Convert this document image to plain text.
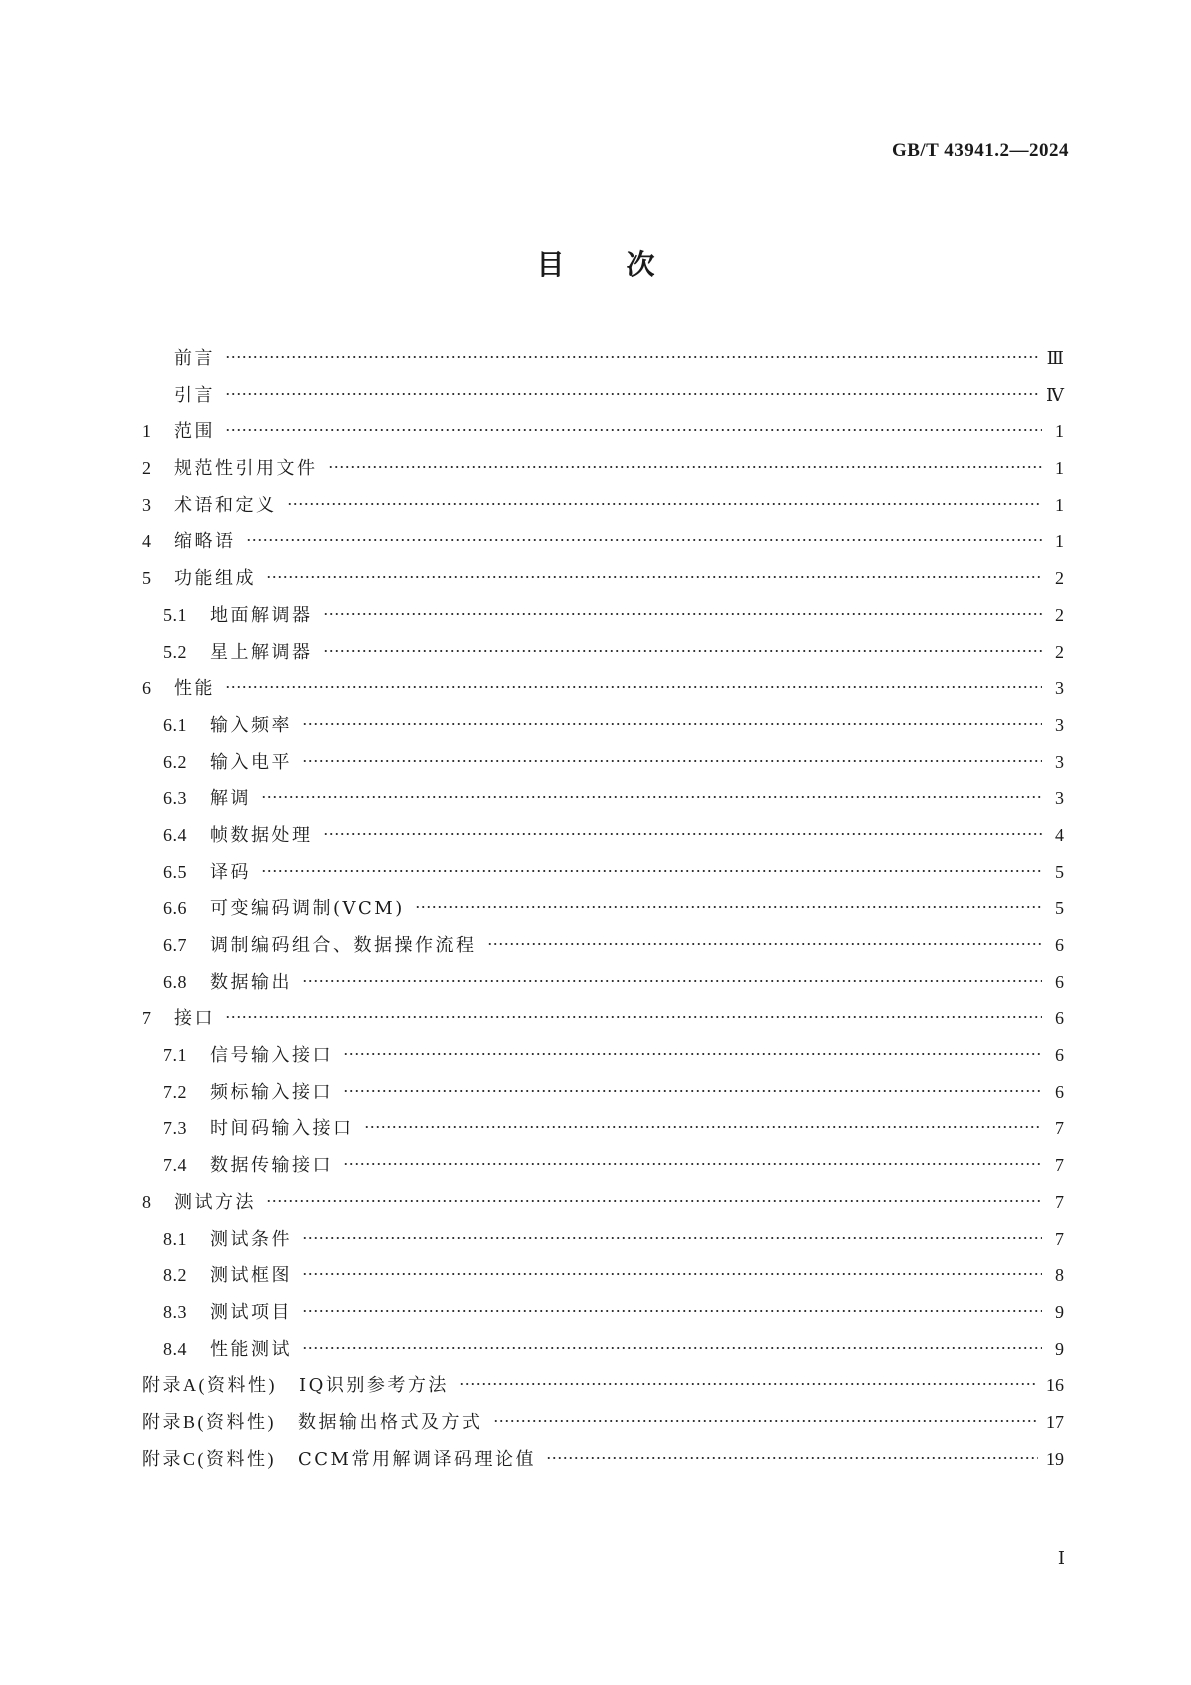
GB/T 43941.2—2024
目次
前言	Ⅲ
引言	Ⅳ
1	范围	1
2	规范性引用文件	1
3	术语和定义	1
4	缩略语	1
5	功能组成	2
5.1	地面解调器	2
5.2	星上解调器	2
6	性能	3
6.1	输入频率	3
6.2	输入电平	3
6.3	解调	3
6.4	帧数据处理	4
6.5	译码	5
6.6	可变编码调制(VCM)	5
6.7	调制编码组合、数据操作流程	6
6.8	数据输出	6
7	接口	6
7.1	信号输入接口	6
7.2	频标输入接口	6
7.3	时间码输入接口	7
7.4	数据传输接口	7
8	测试方法	7
8.1	测试条件	7
8.2	测试框图	8
8.3	测试项目	9
8.4	性能测试	9
附录A(资料性) IQ识别参考方法	16
附录B(资料性) 数据输出格式及方式	17
附录C(资料性) CCM常用解调译码理论值	19
Ⅰ
